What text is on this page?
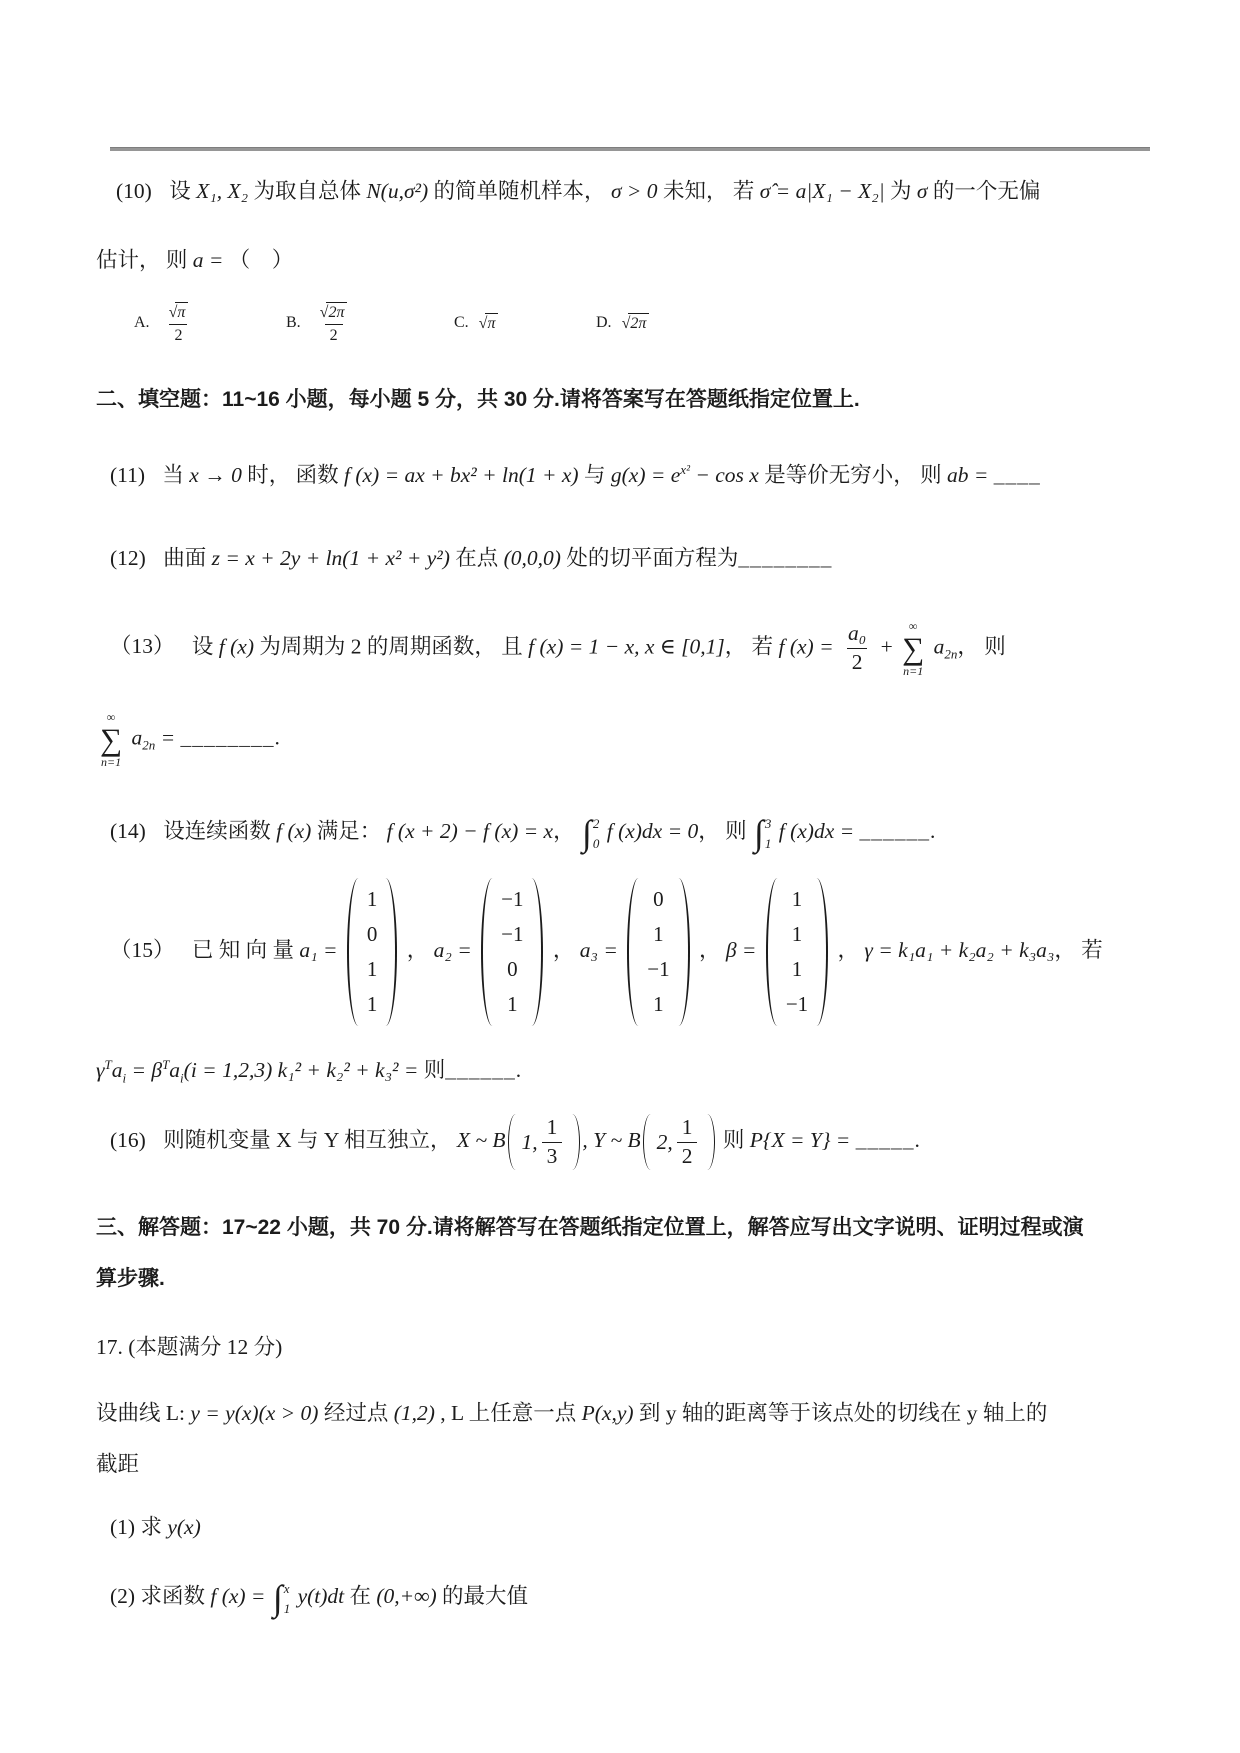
(10) 设 X₁, X₂ 为取自总体 N(u,σ²) 的简单随机样本， σ > 0 未知， 若 σ̂ = a|X₁ − X₂| 为 σ 的一个无偏

估计， 则 a = （　）

A. $\frac{√\pi}{2}$	B. $\frac{√2\pi}{2}$	C. √π	D. √2π

二、填空题：11~16 小题，每小题 5 分，共 30 分.请将答案写在答题纸指定位置上.

(11) 当 x → 0 时， 函数 f (x) = ax + bx² + ln(1 + x) 与 $g(x) = e^{x^2} - \cos x$ 是等价无穷小， 则 ab = ____

(12) 曲面 z = x + 2y + ln(1 + x² + y²) 在点 (0,0,0) 处的切平面方程为________

（13） 设 f (x) 为周期为 2 的周期函数， 且 f (x) = 1 − x, x ∈ [0,1]， 若 f $(x) = \frac{\text{a₀}}{2}$ +
∞
∑
n=1
$a_{2n}$， 则

∞
∑
n=1
$a_{2n}$ = ________.

(14) 设连续函数 f (x) 满足： f (x + 2) − f (x) = x， ∫ 2
0
f (x)dx = 0， 则 ∫ 3
1
f (x)dx = ______.

（15） 已 知 向 量 a₁ =
1
0
1
1
， a₂ =
−1
−1
0
1
， a₃ =
0
1
−1
1
， β =
1
1
1
−1
， γ = k₁a₁ + k₂a₂ + k₃a₃， 若

$\gamma^Ta_i = \beta^Ta_i(i = 1,2,3) k_1^2 + k_2^2 + k_3^2$ = 则______.

(16) 则随机变量 X 与 Y 相互独立， X ~ B 1, $\frac{1}{3}$ , Y ~ B 2, $\frac{1}{2}$ 则 P{X = Y} = _____.

三、解答题：17~22 小题，共 70 分.请将解答写在答题纸指定位置上，解答应写出文字说明、证明过程或演

算步骤.

17. (本题满分 12 分)

设曲线 L: y = y(x)(x > 0) 经过点 (1,2) , L 上任意一点 P(x,y) 到 y 轴的距离等于该点处的切线在 y 轴上的

截距

(1) 求 y(x)

(2) 求函数 f (x) = ∫ x
1
y(t)dt 在 (0,+∞) 的最大值
